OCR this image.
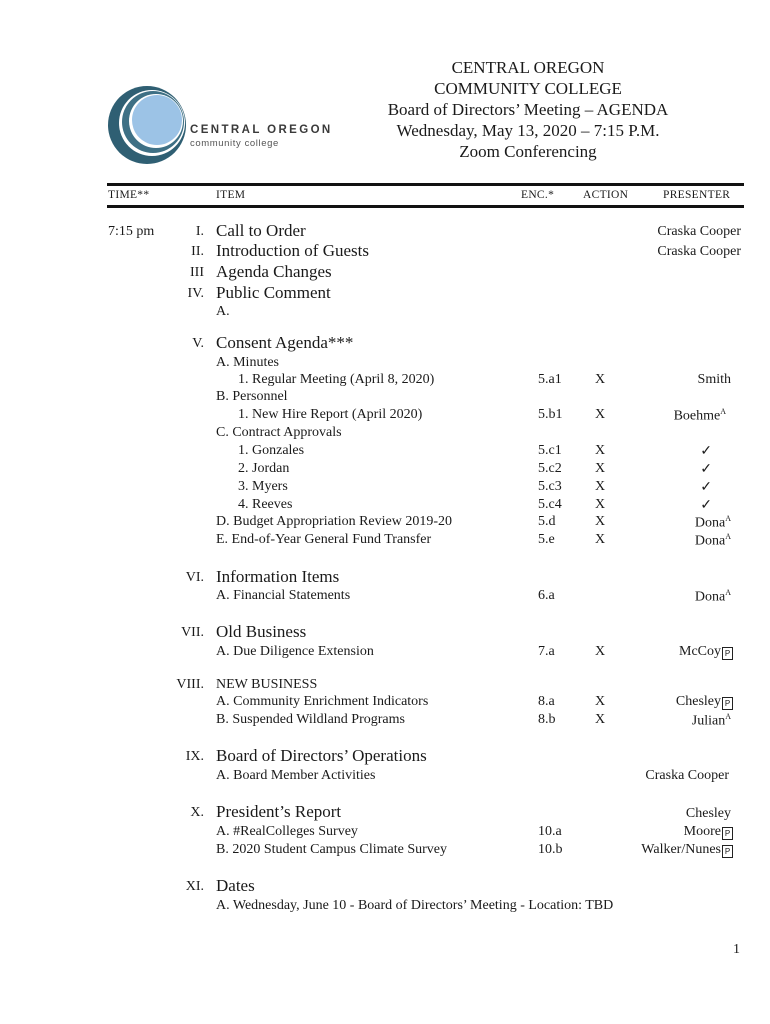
CENTRAL OREGON
community college
CENTRAL OREGON
COMMUNITY COLLEGE
Board of Directors’ Meeting – AGENDA
Wednesday, May 13, 2020 – 7:15 P.M.
Zoom Conferencing
TIME**	ITEM	ENC.*	ACTION	PRESENTER
7:15 pm	I. Call to Order	Craska Cooper
II. Introduction of Guests	Craska Cooper
III Agenda Changes
IV. Public Comment
A.
V. Consent Agenda***
A. Minutes
1. Regular Meeting (April 8, 2020)	5.a1 X	Smith
B. Personnel
1. New Hire Report (April 2020)	5.b1 X	Boehme$^A$
C. Contract Approvals
1. Gonzales	5.c1 X	✓
2. Jordan	5.c2 X	✓
3. Myers	5.c3 X	✓
4. Reeves	5.c4 X	✓
D. Budget Appropriation Review 2019-20	5.d	X	Dona$^A$
E. End-of-Year General Fund Transfer	5.e	X	Dona$^A$
VI. Information Items
A. Financial Statements	6.a	Dona$^A$
VII. Old Business
A. Due Diligence Extension	7.a	X	McCoy P
VIII. NEW BUSINESS
A. Community Enrichment Indicators	8.a	X	Chesley P
B. Suspended Wildland Programs	8.b	X	Julian$^A$
IX. Board of Directors’ Operations
A. Board Member Activities	Craska Cooper
X. President’s Report	Chesley
A. #RealColleges Survey	10.a	Moore P
B. 2020 Student Campus Climate Survey	10.b	Walker/Nunes P
XI. Dates
A. Wednesday, June 10 - Board of Directors’ Meeting - Location: TBD
1
